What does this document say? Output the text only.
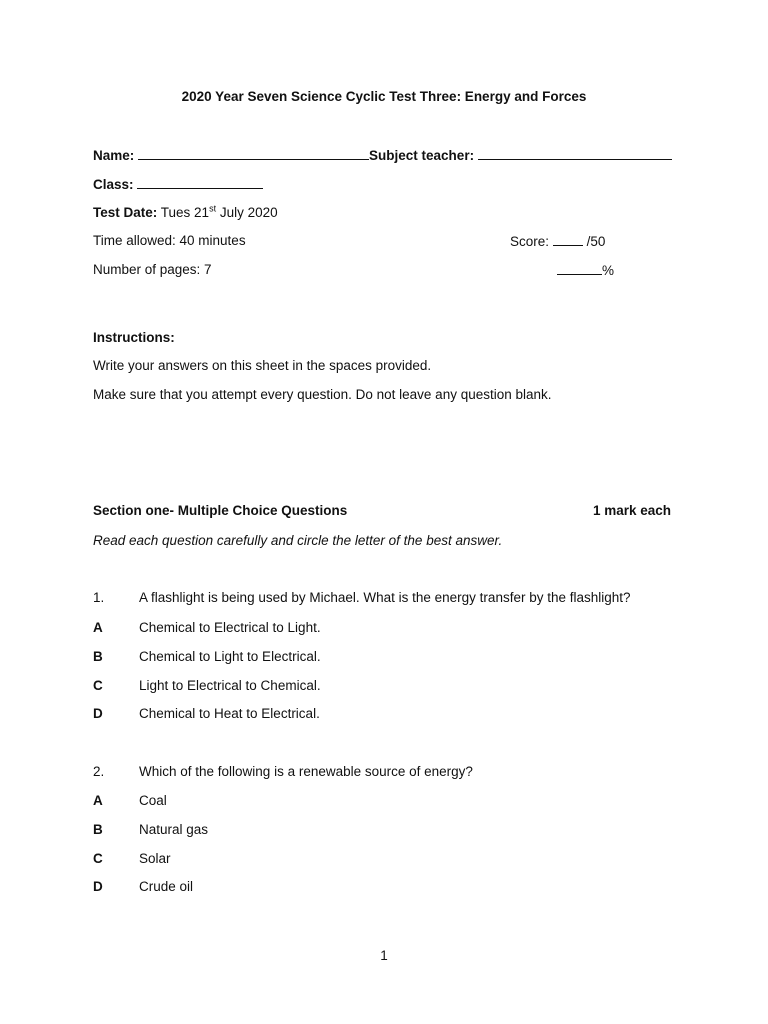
2020 Year Seven Science Cyclic Test Three: Energy and Forces
Name:	Subject teacher:
Class:
Test Date: Tues 21st July 2020
Time allowed: 40 minutes	Score:	/50
Number of pages: 7	%
Instructions:
Write your answers on this sheet in the spaces provided.
Make sure that you attempt every question. Do not leave any question blank.
Section one- Multiple Choice Questions	1 mark each
Read each question carefully and circle the letter of the best answer.
1.	A flashlight is being used by Michael. What is the energy transfer by the flashlight?
A	Chemical to Electrical to Light.
B	Chemical to Light to Electrical.
C	Light to Electrical to Chemical.
D	Chemical to Heat to Electrical.
2.	Which of the following is a renewable source of energy?
A	Coal
B	Natural gas
C	Solar
D	Crude oil
1
